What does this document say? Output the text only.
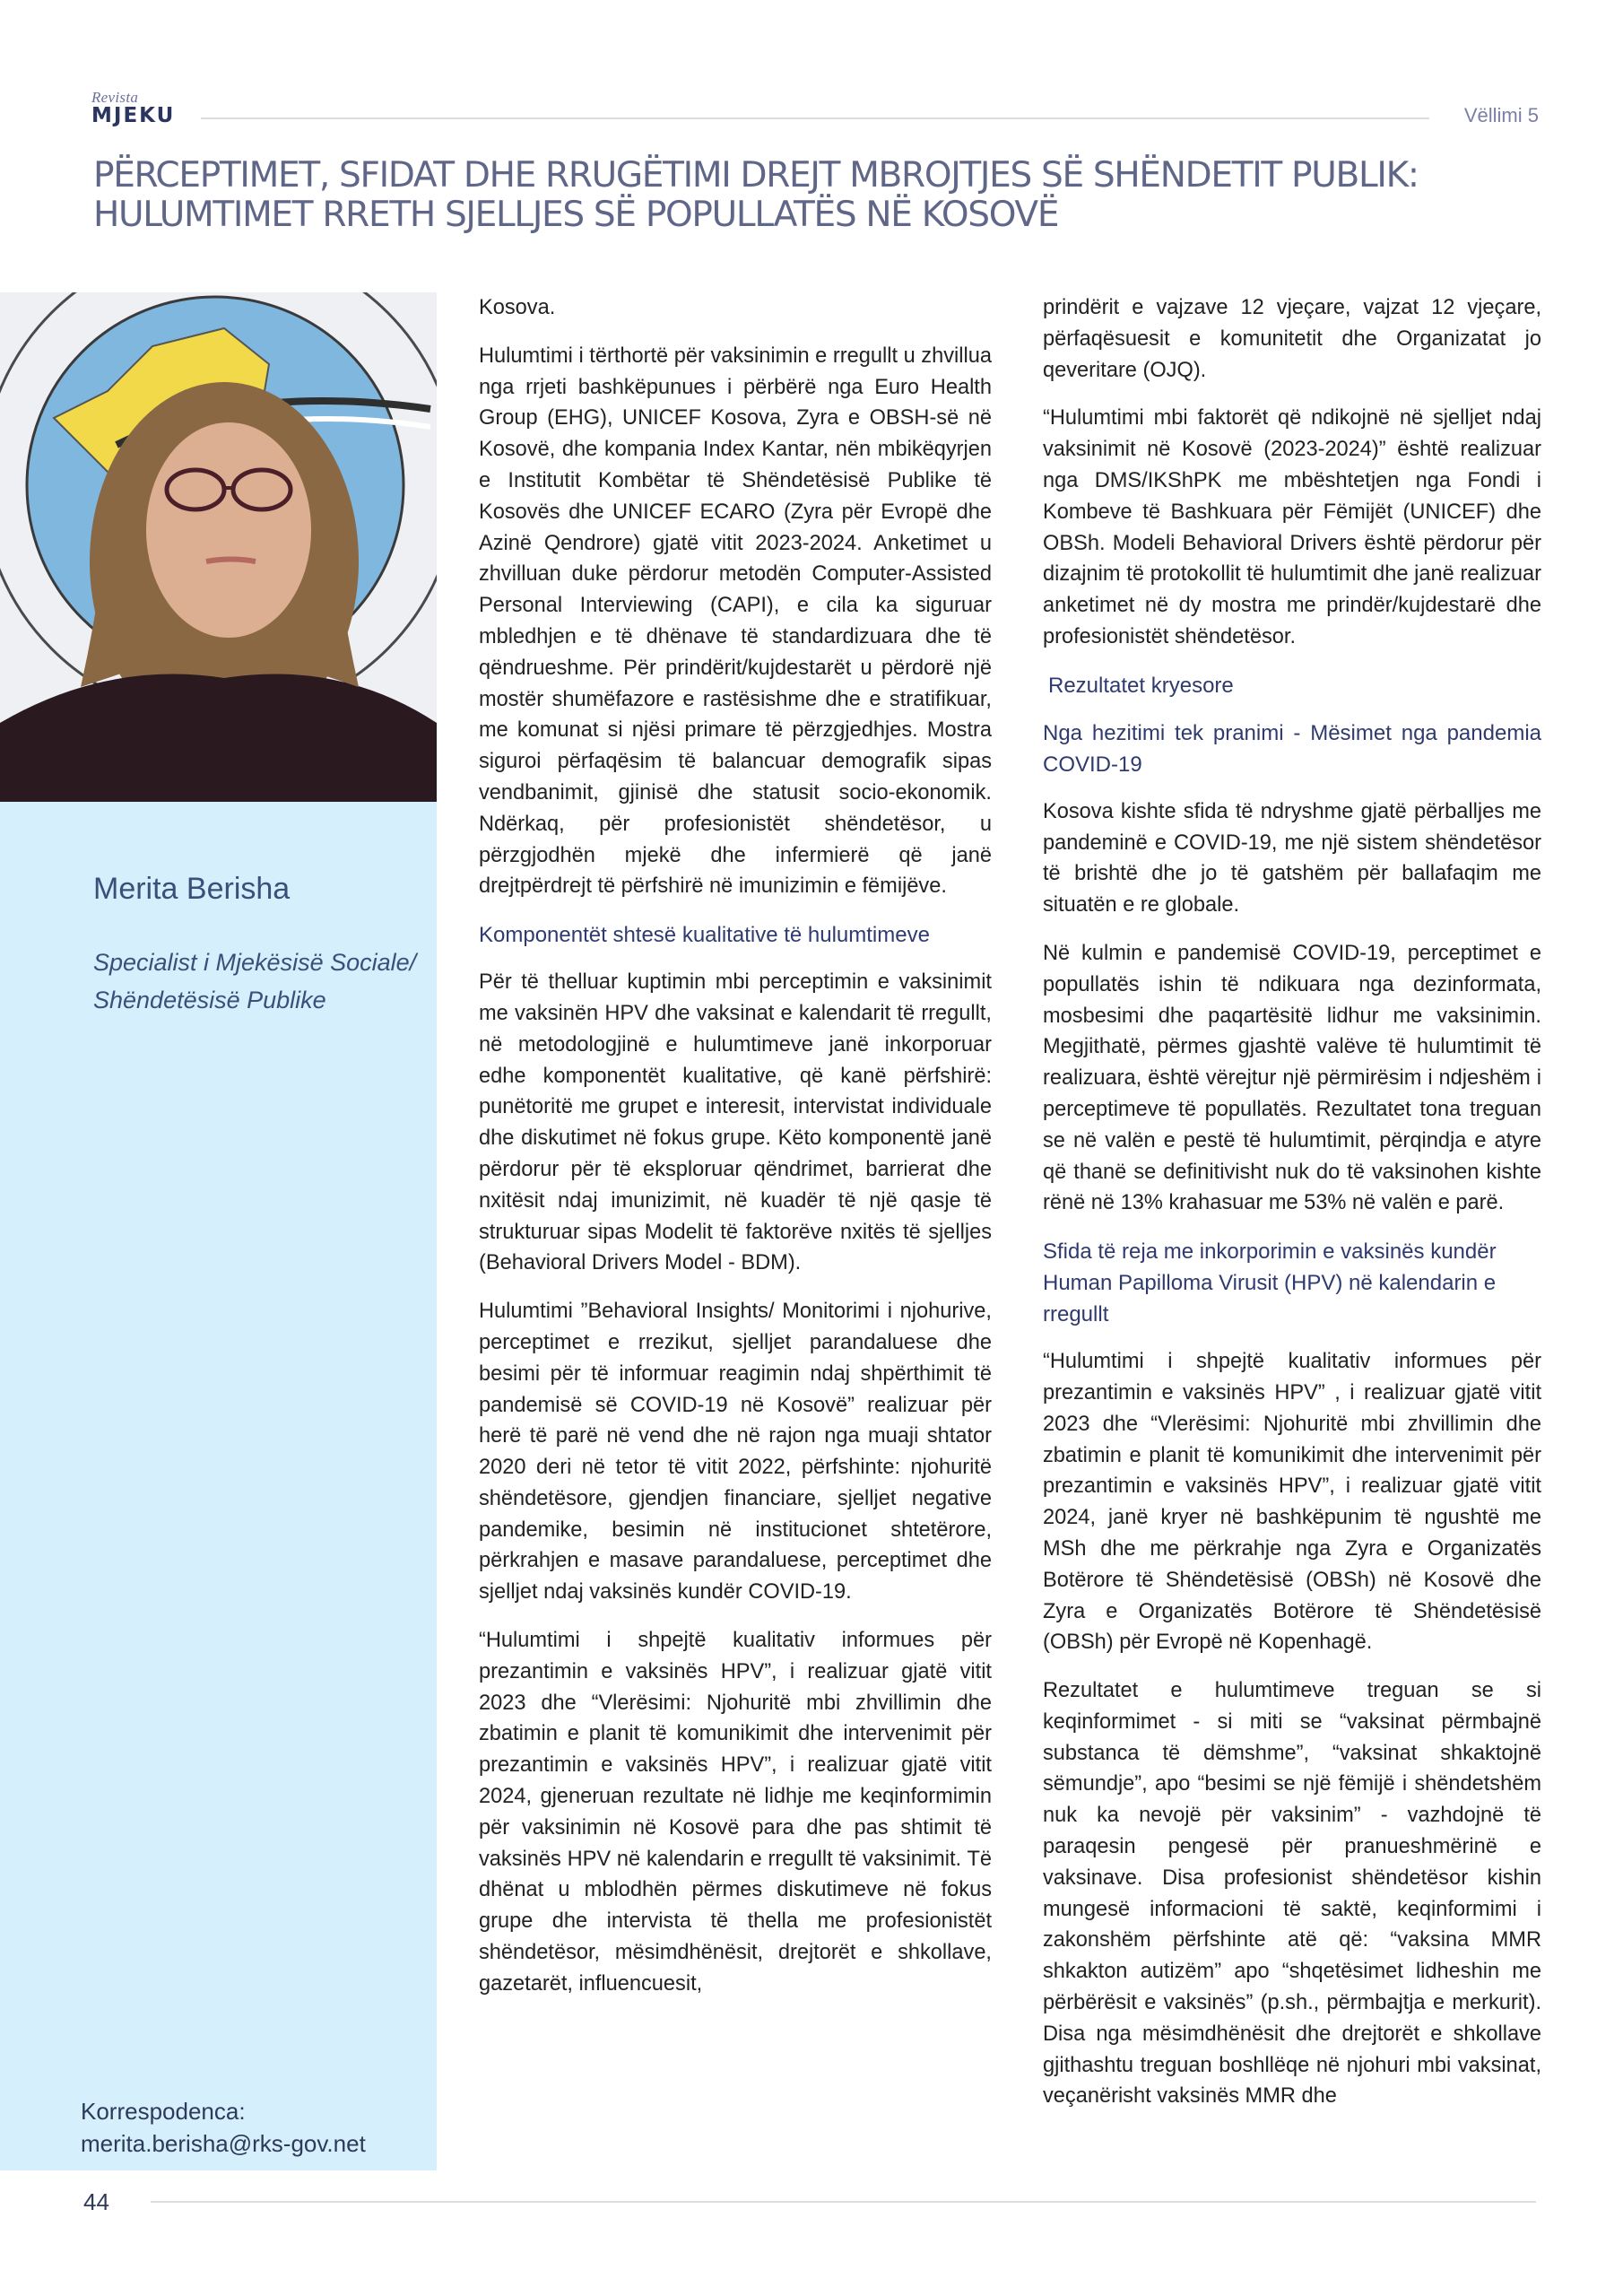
Revista
MJEKU	Vëllimi 5
PËRCEPTIMET, SFIDAT DHE RRUGËTIMI DREJT MBROJTJES SË SHËNDETIT PUBLIK:
HULUMTIMET RRETH SJELLJES SË POPULLATËS NË KOSOVË
Merita Berisha
Specialist i Mjekësisë Sociale/ Shëndetësisë Publike
Korrespodenca:
merita.berisha@rks-gov.net

Kosova.

Hulumtimi i tërthortë për vaksinimin e rregullt u zhvillua nga rrjeti bashkëpunues i përbërë nga Euro Health Group (EHG), UNICEF Kosova, Zyra e OBSH-së në Kosovë, dhe kompania Index Kantar, nën mbikëqyrjen e Institutit Kombëtar të Shëndetësisë Publike të Kosovës dhe UNICEF ECARO (Zyra për Evropë dhe Azinë Qendrore) gjatë vitit 2023-2024. Anketimet u zhvilluan duke përdorur metodën Computer-Assisted Personal Interviewing (CAPI), e cila ka siguruar mbledhjen e të dhënave të standardizuara dhe të qëndrueshme. Për prindërit/kujdestarët u përdorë një mostër shumëfazore e rastësishme dhe e stratifikuar, me komunat si njësi primare të përzgjedhjes. Mostra siguroi përfaqësim të balancuar demografik sipas vendbanimit, gjinisë dhe statusit socio-ekonomik. Ndërkaq, për profesionistët shëndetësor, u përzgjodhën mjekë dhe infermierë që janë drejtpërdrejt të përfshirë në imunizimin e fëmijëve.

Komponentët shtesë kualitative të hulumtimeve

Për të thelluar kuptimin mbi perceptimin e vaksinimit me vaksinën HPV dhe vaksinat e kalendarit të rregullt, në metodologjinë e hulumtimeve janë inkorporuar edhe komponentët kualitative, që kanë përfshirë: punëtoritë me grupet e interesit, intervistat individuale dhe diskutimet në fokus grupe. Këto komponentë janë përdorur për të eksploruar qëndrimet, barrierat dhe nxitësit ndaj imunizimit, në kuadër të një qasje të strukturuar sipas Modelit të faktorëve nxitës të sjelljes (Behavioral Drivers Model - BDM).

Hulumtimi ”Behavioral Insights/ Monitorimi i njohurive, perceptimet e rrezikut, sjelljet parandaluese dhe besimi për të informuar reagimin ndaj shpërthimit të pandemisë së COVID-19 në Kosovë” realizuar për herë të parë në vend dhe në rajon nga muaji shtator 2020 deri në tetor të vitit 2022, përfshinte: njohuritë shëndetësore, gjendjen financiare, sjelljet negative pandemike, besimin në institucionet shtetërore, përkrahjen e masave parandaluese, perceptimet dhe sjelljet ndaj vaksinës kundër COVID-19.

“Hulumtimi i shpejtë kualitativ informues për prezantimin e vaksinës HPV”, i realizuar gjatë vitit 2023 dhe “Vlerësimi: Njohuritë mbi zhvillimin dhe zbatimin e planit të komunikimit dhe intervenimit për prezantimin e vaksinës HPV”, i realizuar gjatë vitit 2024, gjeneruan rezultate në lidhje me keqinformimin për vaksinimin në Kosovë para dhe pas shtimit të vaksinës HPV në kalendarin e rregullt të vaksinimit. Të dhënat u mblodhën përmes diskutimeve në fokus grupe dhe intervista të thella me profesionistët shëndetësor, mësimdhënësit, drejtorët e shkollave, gazetarët, influencuesit,

prindërit e vajzave 12 vjeçare, vajzat 12 vjeçare, përfaqësuesit e komunitetit dhe Organizatat jo qeveritare (OJQ).

“Hulumtimi mbi faktorët që ndikojnë në sjelljet ndaj vaksinimit në Kosovë (2023-2024)” është realizuar nga DMS/IKShPK me mbështetjen nga Fondi i Kombeve të Bashkuara për Fëmijët (UNICEF) dhe OBSh. Modeli Behavioral Drivers është përdorur për dizajnim të protokollit të hulumtimit dhe janë realizuar anketimet në dy mostra me prindër/kujdestarë dhe profesionistët shëndetësor.

Rezultatet kryesore
Nga hezitimi tek pranimi - Mësimet nga pandemia COVID-19

Kosova kishte sfida të ndryshme gjatë përballjes me pandeminë e COVID-19, me një sistem shëndetësor të brishtë dhe jo të gatshëm për ballafaqim me situatën e re globale.

Në kulmin e pandemisë COVID-19, perceptimet e popullatës ishin të ndikuara nga dezinformata, mosbesimi dhe paqartësitë lidhur me vaksinimin. Megjithatë, përmes gjashtë valëve të hulumtimit të realizuara, është vërejtur një përmirësim i ndjeshëm i perceptimeve të popullatës. Rezultatet tona treguan se në valën e pestë të hulumtimit, përqindja e atyre që thanë se definitivisht nuk do të vaksinohen kishte rënë në 13% krahasuar me 53% në valën e parë.

Sfida të reja me inkorporimin e vaksinës kundër Human Papilloma Virusit (HPV) në kalendarin e rregullt

“Hulumtimi i shpejtë kualitativ informues për prezantimin e vaksinës HPV” , i realizuar gjatë vitit 2023 dhe “Vlerësimi: Njohuritë mbi zhvillimin dhe zbatimin e planit të komunikimit dhe intervenimit për prezantimin e vaksinës HPV”, i realizuar gjatë vitit 2024, janë kryer në bashkëpunim të ngushtë me MSh dhe me përkrahje nga Zyra e Organizatës Botërore të Shëndetësisë (OBSh) në Kosovë dhe Zyra e Organizatës Botërore të Shëndetësisë (OBSh) për Evropë në Kopenhagë.

Rezultatet e hulumtimeve treguan se si keqinformimet - si miti se “vaksinat përmbajnë substanca të dëmshme”, “vaksinat shkaktojnë sëmundje”, apo “besimi se një fëmijë i shëndetshëm nuk ka nevojë për vaksinim” - vazhdojnë të paraqesin pengesë për pranueshmërinë e vaksinave. Disa profesionist shëndetësor kishin mungesë informacioni të saktë, keqinformimi i zakonshëm përfshinte atë që: “vaksina MMR shkakton autizëm” apo “shqetësimet lidheshin me përbërësit e vaksinës” (p.sh., përmbajtja e merkurit). Disa nga mësimdhënësit dhe drejtorët e shkollave gjithashtu treguan boshllëqe në njohuri mbi vaksinat, veçanërisht vaksinës MMR dhe

44
